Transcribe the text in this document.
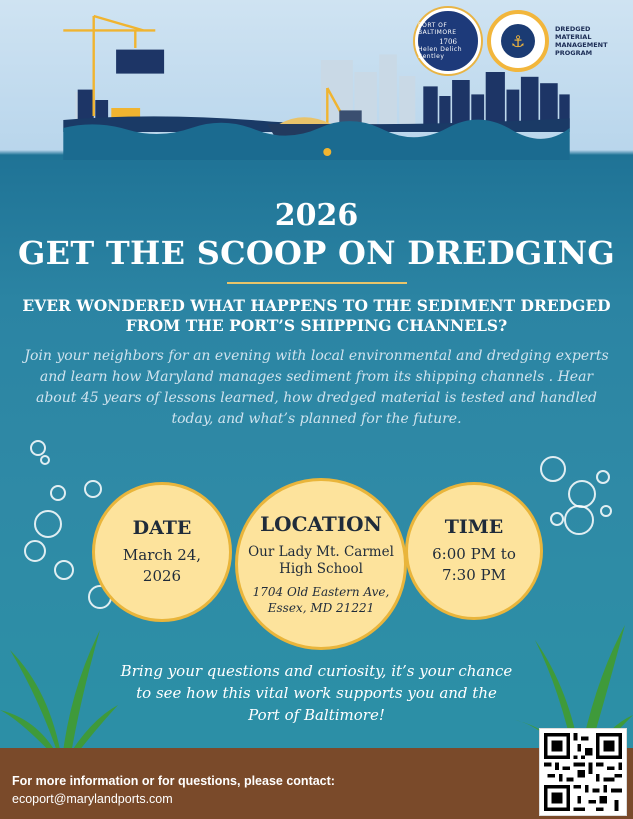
PORT OF BALTIMORE
1706
Helen Delich Bentley
⚓
DREDGED MATERIAL MANAGEMENT PROGRAM
2026
GET THE SCOOP ON DREDGING
EVER WONDERED WHAT HAPPENS TO THE SEDIMENT DREDGED FROM THE PORT’S SHIPPING CHANNELS?
Join your neighbors for an evening with local environmental and dredging experts and learn how Maryland manages sediment from its shipping channels . Hear about 45 years of lessons learned, how dredged material is tested and handled today, and what’s planned for the future.
DATE
March 24,
2026
LOCATION
Our Lady Mt. Carmel
High School
1704 Old Eastern Ave,
Essex, MD 21221
TIME
6:00 PM to
7:30 PM
Bring your questions and curiosity, it’s your chance to see how this vital work supports you and the Port of Baltimore!
For more information or for questions, please contact:
ecoport@marylandports.com
